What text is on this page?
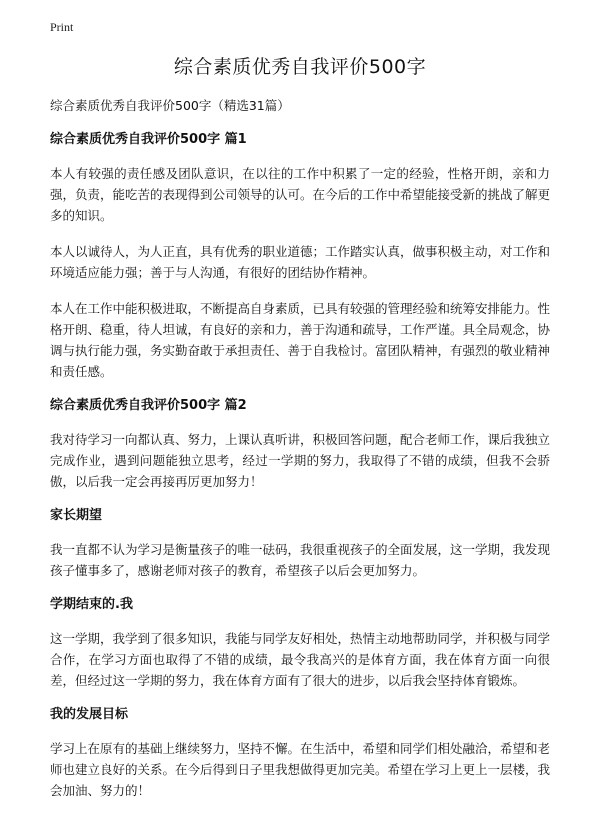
Print
综合素质优秀自我评价500字

综合素质优秀自我评价500字（精选31篇）

综合素质优秀自我评价500字 篇1

本人有较强的责任感及团队意识，在以往的工作中积累了一定的经验，性格开朗，亲和力强，负责，能吃苦的表现得到公司领导的认可。在今后的工作中希望能接受新的挑战了解更多的知识。

本人以诚待人，为人正直，具有优秀的职业道德；工作踏实认真，做事积极主动，对工作和环境适应能力强；善于与人沟通，有很好的团结协作精神。

本人在工作中能积极进取，不断提高自身素质，已具有较强的管理经验和统筹安排能力。性格开朗、稳重，待人坦诚，有良好的亲和力，善于沟通和疏导，工作严谨。具全局观念，协调与执行能力强，务实勤奋敢于承担责任、善于自我检讨。富团队精神，有强烈的敬业精神和责任感。

综合素质优秀自我评价500字 篇2

我对待学习一向都认真、努力，上课认真听讲，积极回答问题，配合老师工作，课后我独立完成作业，遇到问题能独立思考，经过一学期的努力，我取得了不错的成绩，但我不会骄傲，以后我一定会再接再厉更加努力！

家长期望

我一直都不认为学习是衡量孩子的唯一砝码，我很重视孩子的全面发展，这一学期，我发现孩子懂事多了，感谢老师对孩子的教育，希望孩子以后会更加努力。

学期结束的.我

这一学期，我学到了很多知识，我能与同学友好相处，热情主动地帮助同学，并积极与同学合作，在学习方面也取得了不错的成绩，最令我高兴的是体育方面，我在体育方面一向很差，但经过这一学期的努力，我在体育方面有了很大的进步，以后我会坚持体育锻炼。

我的发展目标

学习上在原有的基础上继续努力，坚持不懈。在生活中，希望和同学们相处融洽，希望和老师也建立良好的关系。在今后得到日子里我想做得更加完美。希望在学习上更上一层楼，我会加油、努力的！
